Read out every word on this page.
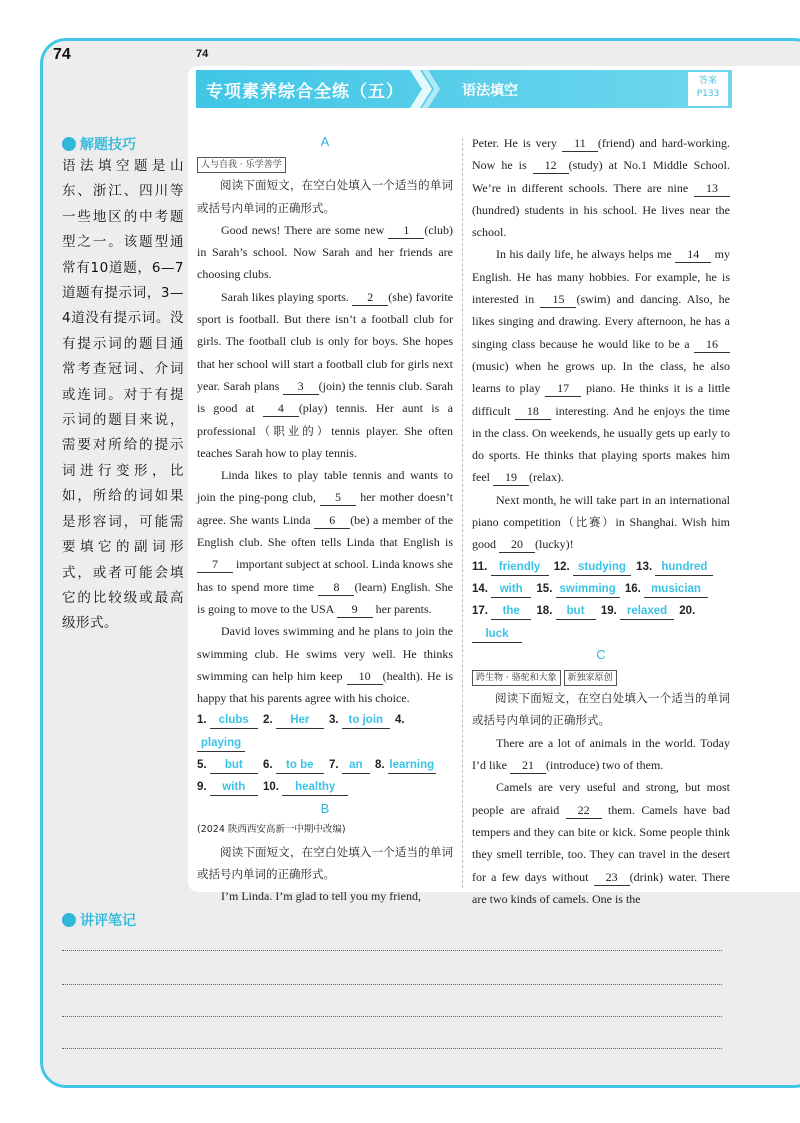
74	74
专项素养综合全练（五）	语法填空
答案
P133
解题技巧
语法填空题是山东、浙江、四川等一些地区的中考题型之一。该题型通常有10道题，6—7道题有提示词，3—4道没有提示词。没有提示词的题目通常考查冠词、介词或连词。对于有提示词的题目来说，需要对所给的提示词进行变形，比如，所给的词如果是形容词，可能需要填它的副词形式，或者可能会填它的比较级或最高级形式。
A
人与自我 · 乐学善学
阅读下面短文，在空白处填入一个适当的单词或括号内单词的正确形式。
Good news! There are some new 1 (club) in Sarah’s school. Now Sarah and her friends are choosing clubs.
Sarah likes playing sports. 2 (she) favorite sport is football. But there isn’t a football club for girls. The football club is only for boys. She hopes that her school will start a football club for girls next year. Sarah plans 3 (join) the tennis club. Sarah is good at 4 (play) tennis. Her aunt is a professional（职业的）tennis player. She often teaches Sarah how to play tennis.
Linda likes to play table tennis and wants to join the ping-pong club, 5 her mother doesn’t agree. She wants Linda 6 (be) a member of the English club. She often tells Linda that English is 7 important subject at school. Linda knows she has to spend more time 8 (learn) English. She is going to move to the USA 9 her parents.
David loves swimming and he plans to join the swimming club. He swims very well. He thinks swimming can help him keep 10 (health). He is happy that his parents agree with his choice.
1. clubs 2. Her 3. to join 4. playing
5. but 6. to be 7. an 8. learning
9. with 10. healthy
B
(2024 陕西西安高新一中期中改编)
阅读下面短文，在空白处填入一个适当的单词或括号内单词的正确形式。
I’m Linda. I’m glad to tell you my friend,
Peter. He is very 11 (friend) and hard-working. Now he is 12 (study) at No.1 Middle School. We’re in different schools. There are nine 13(hundred) students in his school. He lives near the school.
In his daily life, he always helps me 14 my English. He has many hobbies. For example, he is interested in 15 (swim) and dancing. Also, he likes singing and drawing. Every afternoon, he has a singing class because he would like to be a 16(music) when he grows up. In the class, he also learns to play 17 piano. He thinks it is a little difficult 18 interesting. And he enjoys the time in the class. On weekends, he usually gets up early to do sports. He thinks that playing sports makes him feel 19 (relax).
Next month, he will take part in an international piano competition（比赛）in Shanghai. Wish him good 20 (lucky)!
11. friendly 12. studying 13. hundred
14. with 15. swimming 16. musician
17. the 18. but 19. relaxed 20. luck
C
跨生物 · 骆驼和大象 新独家原创
阅读下面短文，在空白处填入一个适当的单词或括号内单词的正确形式。
There are a lot of animals in the world. Today I’d like 21 (introduce) two of them.
Camels are very useful and strong, but most people are afraid 22 them. Camels have bad tempers and they can bite or kick. Some people think they smell terrible, too. They can travel in the desert for a few days without 23 (drink) water. There are two kinds of camels. One is the
讲评笔记
